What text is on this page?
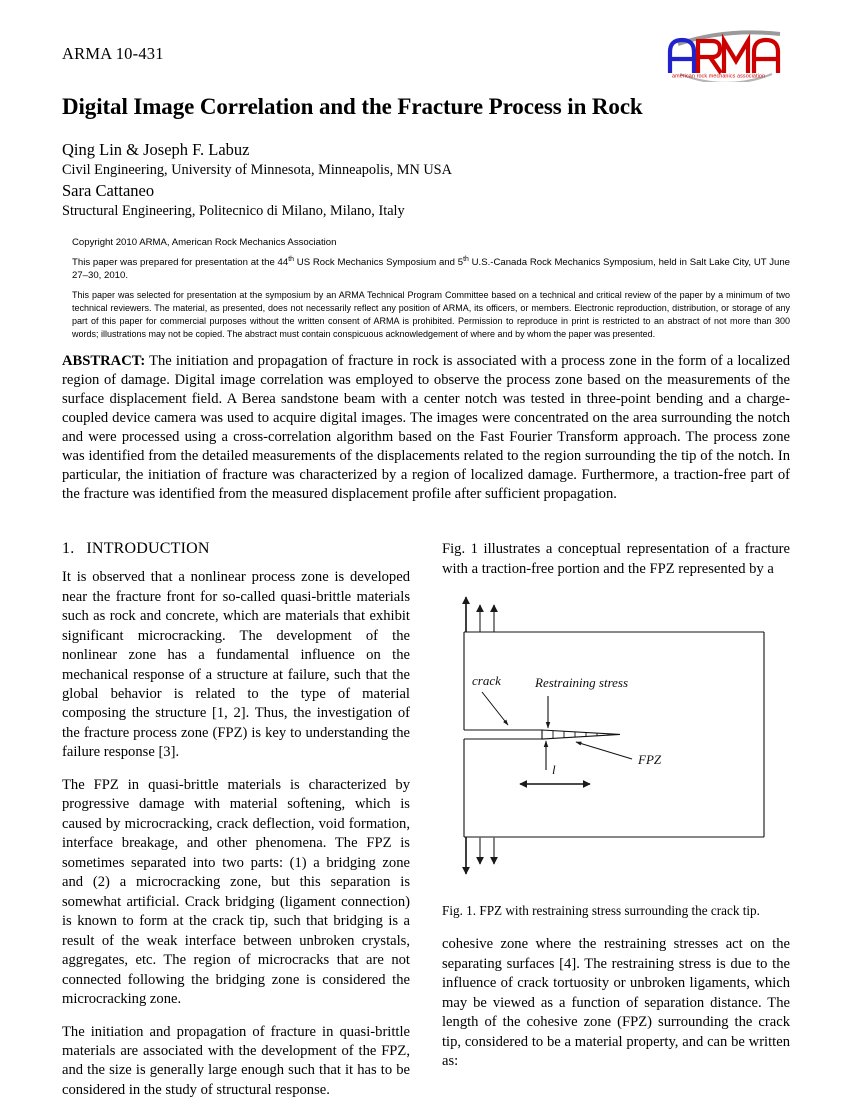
ARMA 10-431
american rock mechanics association
Digital Image Correlation and the Fracture Process in Rock
Qing Lin & Joseph F. Labuz
Civil Engineering, University of Minnesota, Minneapolis, MN USA
Sara Cattaneo
Structural Engineering, Politecnico di Milano, Milano, Italy

Copyright 2010 ARMA, American Rock Mechanics Association

This paper was prepared for presentation at the 44th US Rock Mechanics Symposium and 5th U.S.-Canada Rock Mechanics Symposium, held in Salt Lake City, UT June 27–30, 2010.

This paper was selected for presentation at the symposium by an ARMA Technical Program Committee based on a technical and critical review of the paper by a minimum of two technical reviewers. The material, as presented, does not necessarily reflect any position of ARMA, its officers, or members. Electronic reproduction, distribution, or storage of any part of this paper for commercial purposes without the written consent of ARMA is prohibited. Permission to reproduce in print is restricted to an abstract of not more than 300 words; illustrations may not be copied. The abstract must contain conspicuous acknowledgement of where and by whom the paper was presented.

ABSTRACT: The initiation and propagation of fracture in rock is associated with a process zone in the form of a localized region of damage. Digital image correlation was employed to observe the process zone based on the measurements of the surface displacement field. A Berea sandstone beam with a center notch was tested in three-point bending and a charge-coupled device camera was used to acquire digital images. The images were concentrated on the area surrounding the notch and were processed using a cross-correlation algorithm based on the Fast Fourier Transform approach. The process zone was identified from the detailed measurements of the displacements related to the region surrounding the tip of the notch. In particular, the initiation of fracture was characterized by a region of localized damage. Furthermore, a traction-free part of the fracture was identified from the measured displacement profile after sufficient propagation.
1. INTRODUCTION

It is observed that a nonlinear process zone is developed near the fracture front for so-called quasi-brittle materials such as rock and concrete, which are materials that exhibit significant microcracking. The development of the nonlinear zone has a fundamental influence on the mechanical response of a structure at failure, such that the global behavior is related to the type of material composing the structure [1, 2]. Thus, the investigation of the fracture process zone (FPZ) is key to understanding the failure response [3].

The FPZ in quasi-brittle materials is characterized by progressive damage with material softening, which is caused by microcracking, crack deflection, void formation, interface breakage, and other phenomena. The FPZ is sometimes separated into two parts: (1) a bridging zone and (2) a microcracking zone, but this separation is somewhat artificial. Crack bridging (ligament connection) is known to form at the crack tip, such that bridging is a result of the weak interface between unbroken crystals, aggregates, etc. The region of microcracks that are not connected following the bridging zone is considered the microcracking zone.

The initiation and propagation of fracture in quasi-brittle materials are associated with the development of the FPZ, and the size is generally large enough such that it has to be considered in the study of structural response.

Fig. 1 illustrates a conceptual representation of a fracture with a traction-free portion and the FPZ represented by a

crack	Restraining stress
FPZ
l

Fig. 1. FPZ with restraining stress surrounding the crack tip.

cohesive zone where the restraining stresses act on the separating surfaces [4]. The restraining stress is due to the influence of crack tortuosity or unbroken ligaments, which may be viewed as a function of separation distance. The length of the cohesive zone (FPZ) surrounding the crack tip, considered to be a material property, and can be written as:
